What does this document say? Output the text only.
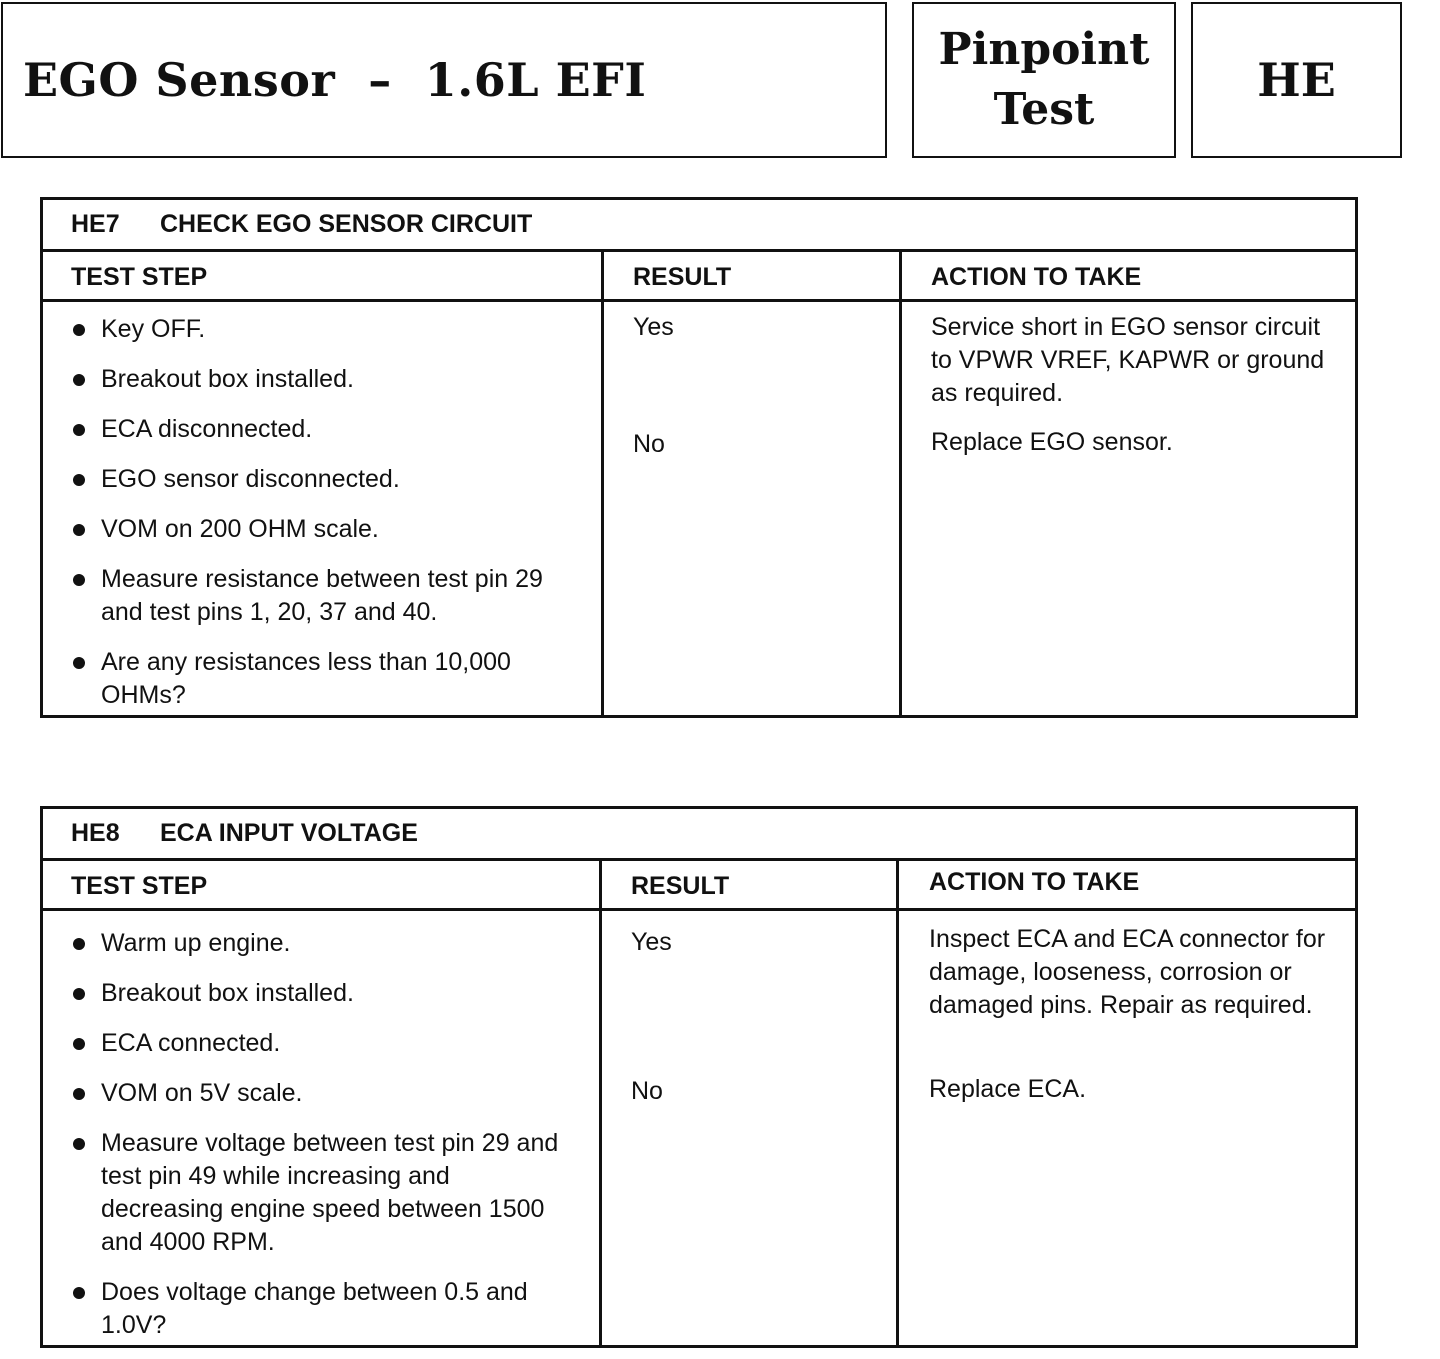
EGO Sensor  –  1.6L EFI
Pinpoint
Test
HE
HE7	CHECK EGO SENSOR CIRCUIT
TEST STEP	RESULT	ACTION TO TAKE
Key OFF.
Breakout box installed.
ECA disconnected.
EGO sensor disconnected.
VOM on 200 OHM scale.
Measure resistance between test pin 29 and test pins 1, 20, 37 and 40.
Are any resistances less than 10,000 OHMs?
Yes	Service short in EGO sensor circuit to VPWR VREF, KAPWR or ground as required.
No	Replace EGO sensor.
HE8	ECA INPUT VOLTAGE
TEST STEP	RESULT	ACTION TO TAKE
Warm up engine.
Breakout box installed.
ECA connected.
VOM on 5V scale.
Measure voltage between test pin 29 and test pin 49 while increasing and decreasing engine speed between 1500 and 4000 RPM.
Does voltage change between 0.5 and 1.0V?
Yes	Inspect ECA and ECA connector for damage, looseness, corrosion or damaged pins. Repair as required.
No	Replace ECA.
